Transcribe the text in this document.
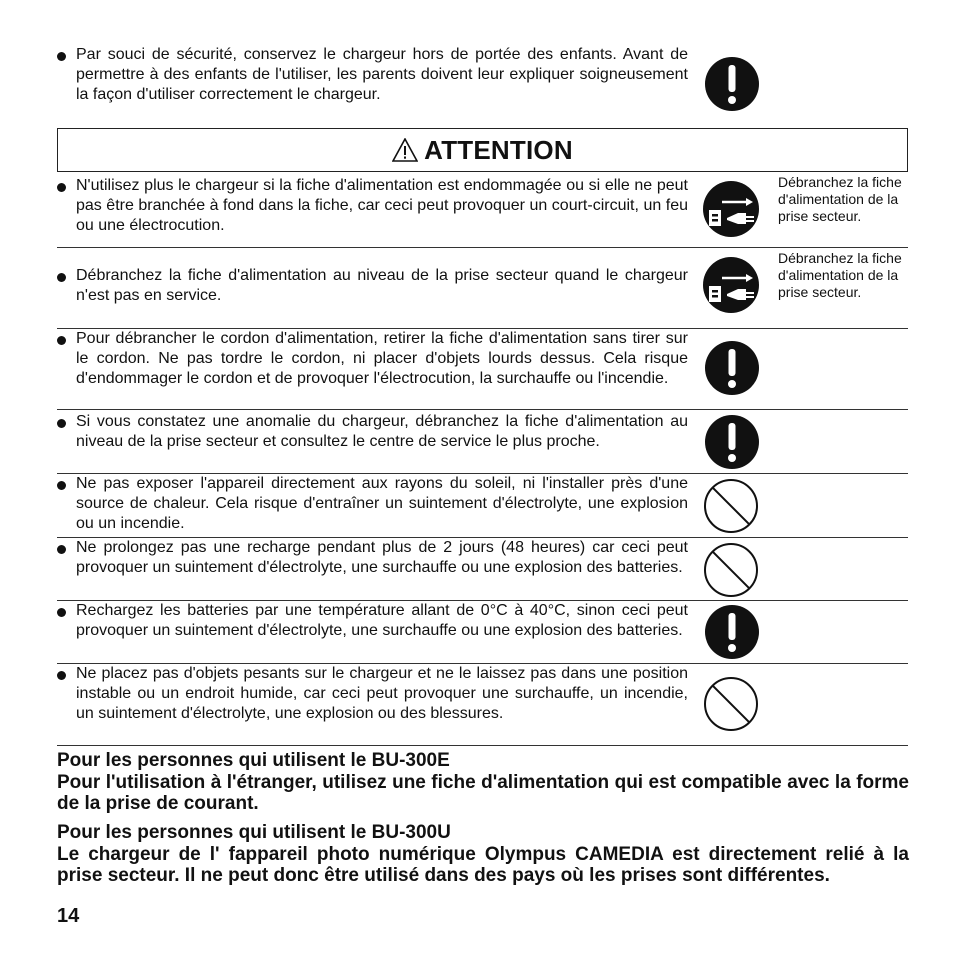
Par souci de sécurité, conservez le chargeur hors de portée des enfants. Avant de permettre à des enfants de l'utiliser, les parents doivent leur expliquer soigneusement la façon d'utiliser correctement le chargeur.
ATTENTION
N'utilisez plus le chargeur si la fiche d'alimentation est endommagée ou si elle ne peut pas être branchée à fond dans la fiche, car ceci peut provoquer un court-circuit, un feu ou une électrocution.
Débranchez la fiche d'alimentation de la prise secteur.
Débranchez la fiche d'alimentation au niveau de la prise secteur quand le chargeur n'est pas en service.
Débranchez la fiche d'alimentation de la prise secteur.
Pour débrancher le cordon d'alimentation, retirer la fiche d'alimentation sans tirer sur le cordon. Ne pas tordre le cordon, ni placer d'objets lourds dessus. Cela risque d'endommager le cordon et de provoquer l'électrocution, la surchauffe ou l'incendie.
Si vous constatez une anomalie du chargeur, débranchez la fiche d'alimentation au niveau de la prise secteur et consultez le centre de service le plus proche.
Ne pas exposer l'appareil directement aux rayons du soleil, ni l'installer près d'une source de chaleur. Cela risque d'entraîner un suintement d'électrolyte, une explosion ou un incendie.
Ne prolongez pas une recharge pendant plus de 2 jours (48 heures) car ceci peut provoquer un suintement d'électrolyte, une surchauffe ou une explosion des batteries.
Rechargez les batteries par une température allant de 0°C à 40°C, sinon ceci peut provoquer un suintement d'électrolyte, une surchauffe ou une explosion des batteries.
Ne placez pas d'objets pesants sur le chargeur et ne le laissez pas dans une position instable ou un endroit humide, car ceci peut provoquer une surchauffe, un incendie, un suintement d'électrolyte, une explosion ou des blessures.
Pour les personnes qui utilisent le BU-300E
Pour l'utilisation à l'étranger, utilisez une fiche d'alimentation qui est compatible avec la forme de la prise de courant.
Pour les personnes qui utilisent le BU-300U
Le chargeur de l' fappareil photo numérique Olympus CAMEDIA est directement relié à la prise secteur. Il ne peut donc être utilisé dans des pays où les prises sont différentes.
14
